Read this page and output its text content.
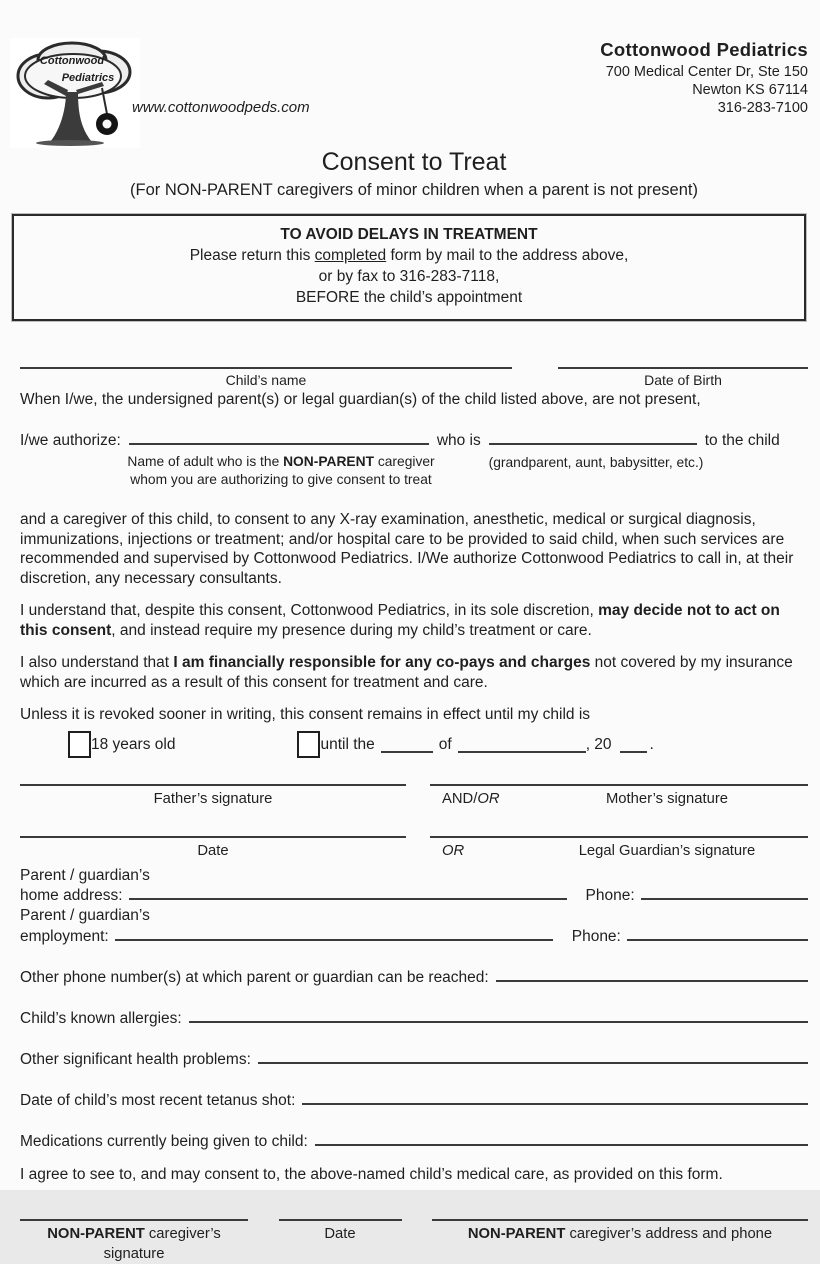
Cottonwood
Pediatrics
www.cottonwoodpeds.com
Cottonwood Pediatrics
700 Medical Center Dr, Ste 150
Newton KS 67114
316-283-7100
Consent to Treat
(For NON-PARENT caregivers of minor children when a parent is not present)
TO AVOID DELAYS IN TREATMENT
Please return this completed form by mail to the address above,
or by fax to 316-283-7118,
BEFORE the child’s appointment
Child’s name	Date of Birth
When I/we, the undersigned parent(s) or legal guardian(s) of the child listed above, are not present,
I/we authorize:	who is	to the child
Name of adult who is the NON-PARENT caregiver
whom you are authorizing to give consent to treat
(grandparent, aunt, babysitter, etc.)
and a caregiver of this child, to consent to any X-ray examination, anesthetic, medical or surgical diagnosis, immunizations, injections or treatment; and/or hospital care to be provided to said child, when such services are recommended and supervised by Cottonwood Pediatrics. I/We authorize Cottonwood Pediatrics to call in, at their discretion, any necessary consultants.
I understand that, despite this consent, Cottonwood Pediatrics, in its sole discretion, may decide not to act on this consent, and instead require my presence during my child’s treatment or care.
I also understand that I am financially responsible for any co-pays and charges not covered by my insurance which are incurred as a result of this consent for treatment and care.
Unless it is revoked sooner in writing, this consent remains in effect until my child is
18 years old	until the	of	, 20 .
Father’s signature	AND/OR	Mother’s signature
Date	OR	Legal Guardian’s signature
Parent / guardian’s
home address:	Phone:
Parent / guardian’s
employment:	Phone:
Other phone number(s) at which parent or guardian can be reached:
Child’s known allergies:
Other significant health problems:
Date of child’s most recent tetanus shot:
Medications currently being given to child:
I agree to see to, and may consent to, the above-named child’s medical care, as provided on this form.
NON-PARENT caregiver’s signature
Date	NON-PARENT caregiver’s address and phone
